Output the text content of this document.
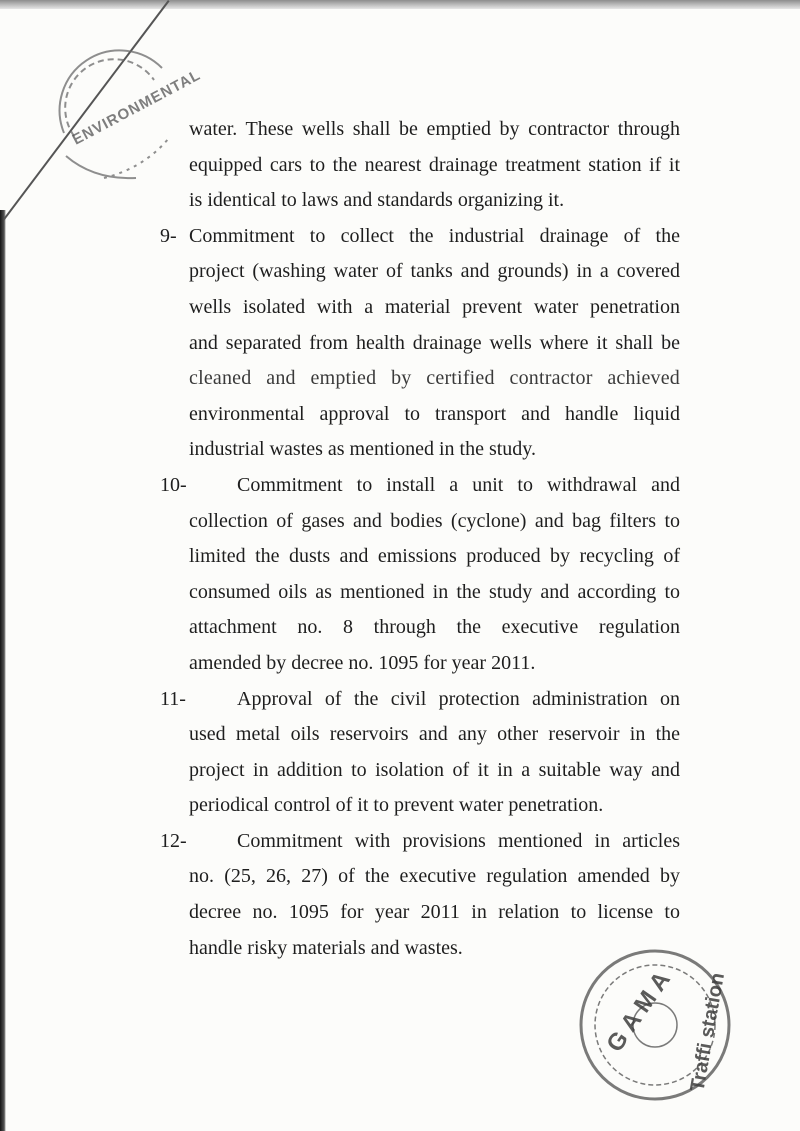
ENVIRONMENTAL
water. These wells shall be emptied by contractor through
equipped cars to the nearest drainage treatment station if it
is identical to laws and standards organizing it.
9- Commitment to collect the industrial drainage of the
project (washing water of tanks and grounds) in a covered
wells isolated with a material prevent water penetration
and separated from health drainage wells where it shall be
cleaned and emptied by certified contractor achieved
environmental approval to transport and handle liquid
industrial wastes as mentioned in the study.
10-	Commitment to install a unit to withdrawal and
collection of gases and bodies (cyclone) and bag filters to
limited the dusts and emissions produced by recycling of
consumed oils as mentioned in the study and according to
attachment no. 8 through the executive regulation
amended by decree no. 1095 for year 2011.
11-	Approval of the civil protection administration on
used metal oils reservoirs and any other reservoir in the
project in addition to isolation of it in a suitable way and
periodical control of it to prevent water penetration.
12-	Commitment with provisions mentioned in articles
no. (25, 26, 27) of the executive regulation amended by
decree no. 1095 for year 2011 in relation to license to
handle risky materials and wastes.
GAMA Traffi station
